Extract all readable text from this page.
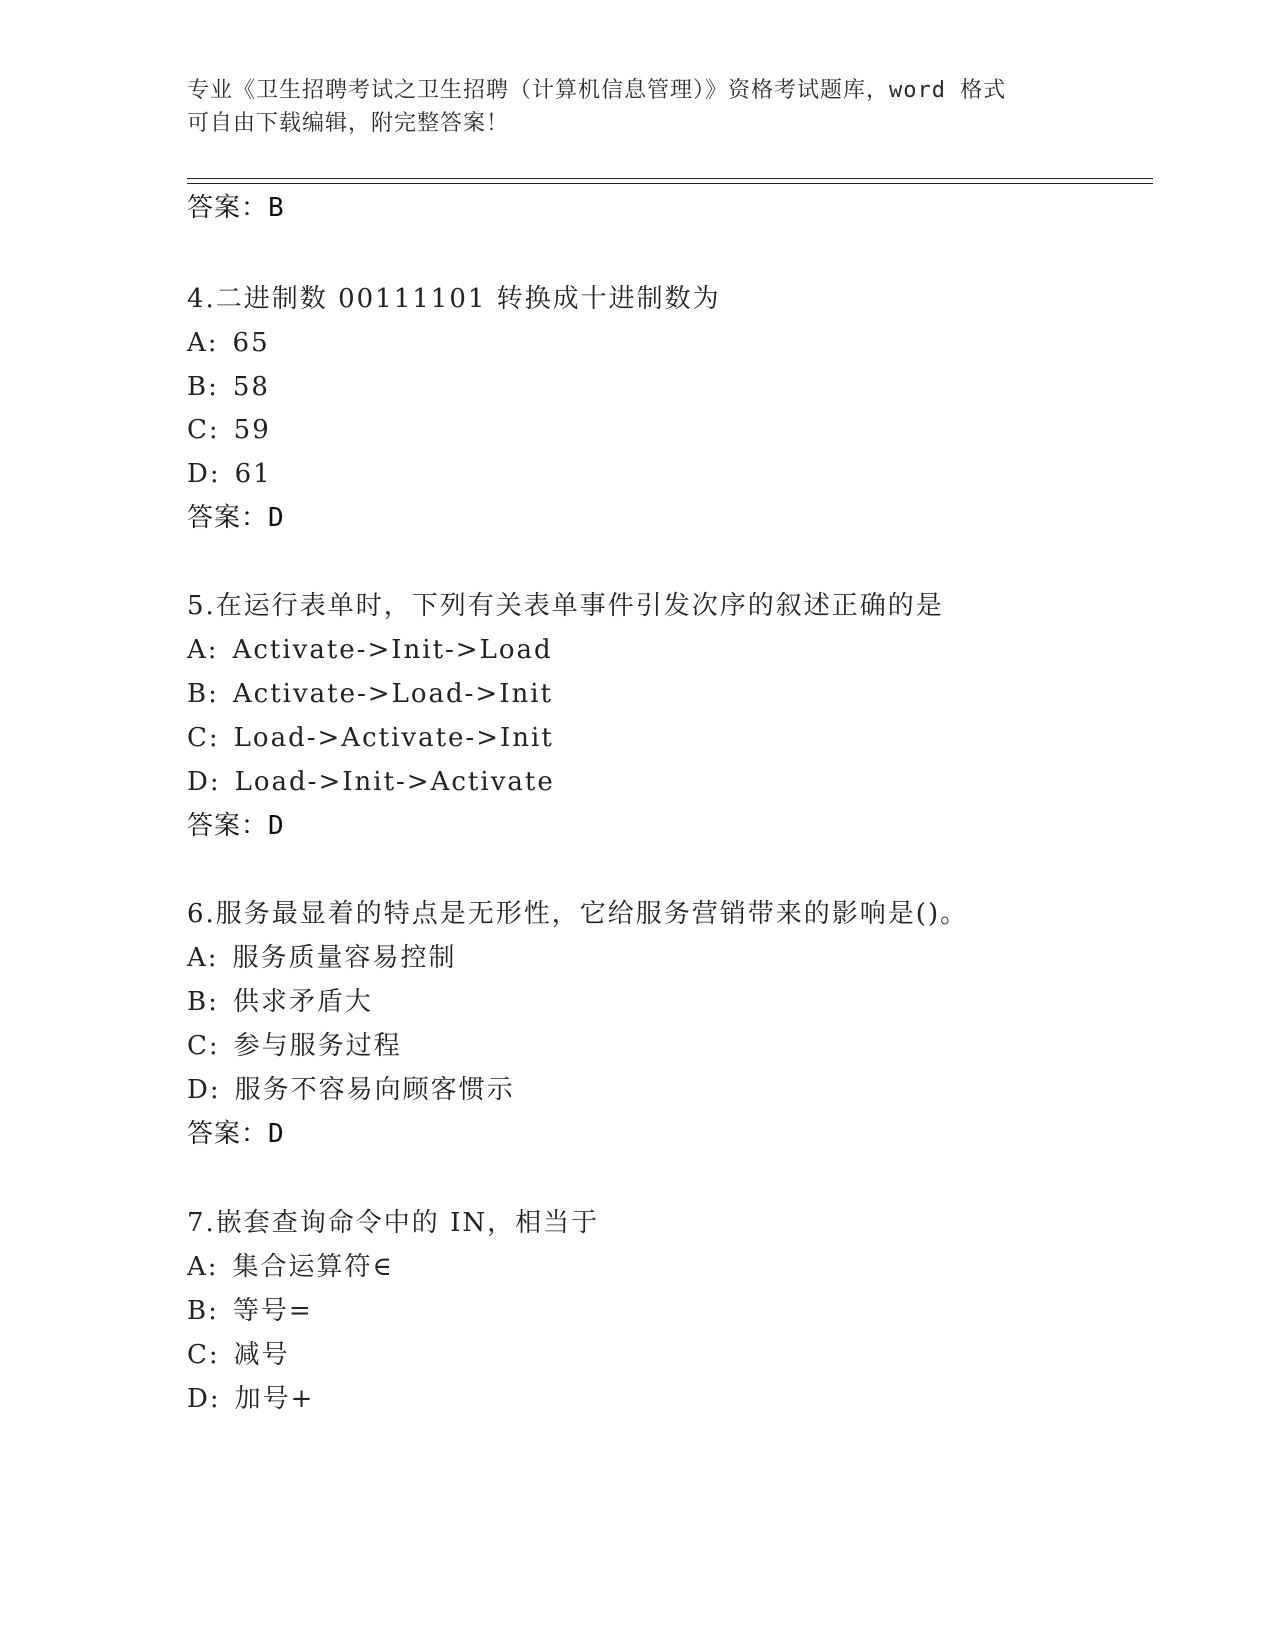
专业《卫生招聘考试之卫生招聘（计算机信息管理）》资格考试题库，word 格式
可自由下载编辑，附完整答案！
答案：B
4.二进制数 00111101 转换成十进制数为
A: 65
B: 58
C: 59
D: 61
答案：D
5.在运行表单时，下列有关表单事件引发次序的叙述正确的是
A: Activate->Init->Load
B: Activate->Load->Init
C: Load->Activate->Init
D: Load->Init->Activate
答案：D
6.服务最显着的特点是无形性，它给服务营销带来的影响是()。
A: 服务质量容易控制
B: 供求矛盾大
C: 参与服务过程
D: 服务不容易向顾客惯示
答案：D
7.嵌套查询命令中的 IN，相当于
A: 集合运算符∈
B: 等号=
C: 减号
D: 加号+
